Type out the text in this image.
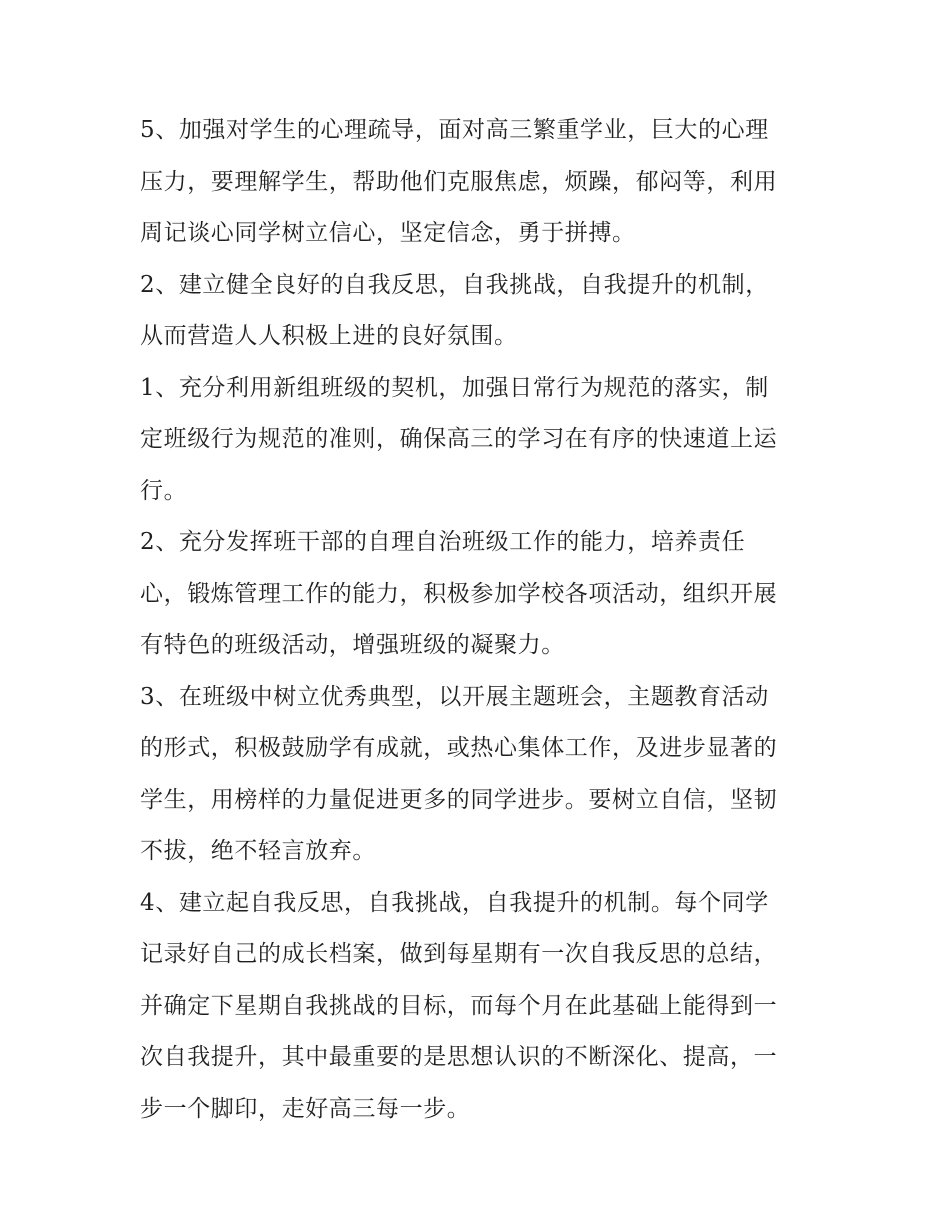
5、加强对学生的心理疏导，面对高三繁重学业，巨大的心理
压力，要理解学生，帮助他们克服焦虑，烦躁，郁闷等，利用
周记谈心同学树立信心，坚定信念，勇于拼搏。
2、建立健全良好的自我反思，自我挑战，自我提升的机制，
从而营造人人积极上进的良好氛围。
1、充分利用新组班级的契机，加强日常行为规范的落实，制
定班级行为规范的准则，确保高三的学习在有序的快速道上运
行。
2、充分发挥班干部的自理自治班级工作的能力，培养责任
心，锻炼管理工作的能力，积极参加学校各项活动，组织开展
有特色的班级活动，增强班级的凝聚力。
3、在班级中树立优秀典型，以开展主题班会，主题教育活动
的形式，积极鼓励学有成就，或热心集体工作，及进步显著的
学生，用榜样的力量促进更多的同学进步。要树立自信，坚韧
不拔，绝不轻言放弃。
4、建立起自我反思，自我挑战，自我提升的机制。每个同学
记录好自己的成长档案，做到每星期有一次自我反思的总结，
并确定下星期自我挑战的目标，而每个月在此基础上能得到一
次自我提升，其中最重要的是思想认识的不断深化、提高，一
步一个脚印，走好高三每一步。
